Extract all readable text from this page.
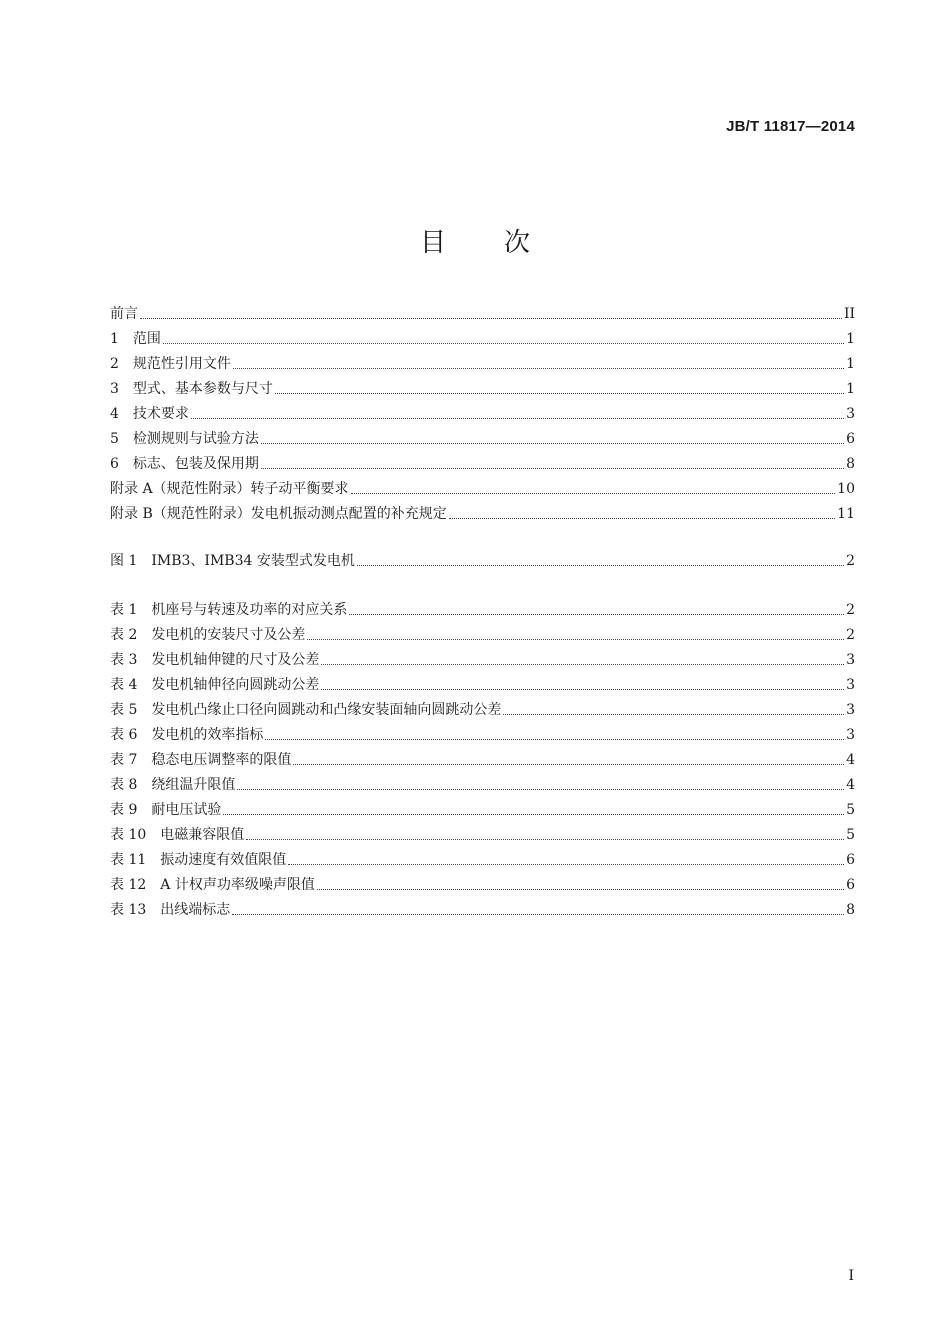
JB/T 11817—2014
目次
前言	II
1　范围	1
2　规范性引用文件	1
3　型式、基本参数与尺寸	1
4　技术要求	3
5　检测规则与试验方法	6
6　标志、包装及保用期	8
附录 A（规范性附录）转子动平衡要求	10
附录 B（规范性附录）发电机振动测点配置的补充规定	11
图 1　IMB3、IMB34 安装型式发电机	2
表 1　机座号与转速及功率的对应关系	2
表 2　发电机的安装尺寸及公差	2
表 3　发电机轴伸键的尺寸及公差	3
表 4　发电机轴伸径向圆跳动公差	3
表 5　发电机凸缘止口径向圆跳动和凸缘安装面轴向圆跳动公差	3
表 6　发电机的效率指标	3
表 7　稳态电压调整率的限值	4
表 8　绕组温升限值	4
表 9　耐电压试验	5
表 10　电磁兼容限值	5
表 11　振动速度有效值限值	6
表 12　A 计权声功率级噪声限值	6
表 13　出线端标志	8
I
